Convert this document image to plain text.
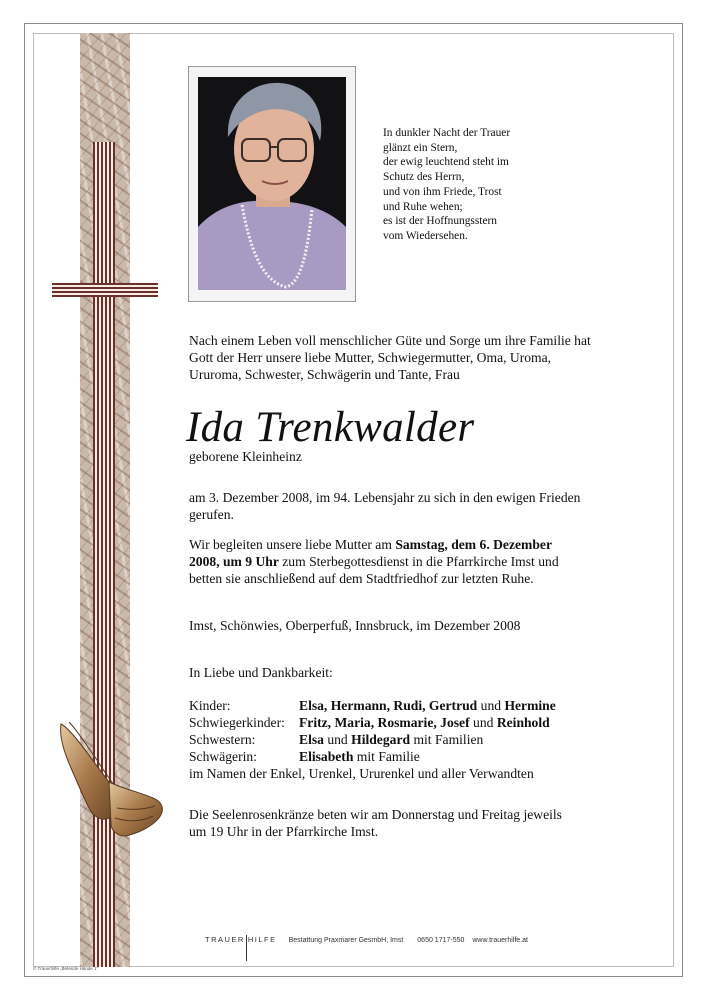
In dunkler Nacht der Trauer
glänzt ein Stern,
der ewig leuchtend steht im
Schutz des Herrn,
und von ihm Friede, Trost
und Ruhe wehen;
es ist der Hoffnungsstern
vom Wiedersehen.
Nach einem Leben voll menschlicher Güte und Sorge um ihre Familie hat
Gott der Herr unsere liebe Mutter, Schwiegermutter, Oma, Uroma,
Ururoma, Schwester, Schwägerin und Tante, Frau
Ida Trenkwalder
geborene Kleinheinz
am 3. Dezember 2008, im 94. Lebensjahr zu sich in den ewigen Frieden
gerufen.
Wir begleiten unsere liebe Mutter am Samstag, dem 6. Dezember
2008, um 9 Uhr zum Sterbegottesdienst in die Pfarrkirche Imst und
betten sie anschließend auf dem Stadtfriedhof zur letzten Ruhe.
Imst, Schönwies, Oberperfuß, Innsbruck, im Dezember 2008
In Liebe und Dankbarkeit:
Kinder:	Elsa, Hermann, Rudi, Gertrud und Hermine
Schwiegerkinder: Fritz, Maria, Rosmarie, Josef und Reinhold
Schwestern:	Elsa und Hildegard mit Familien
Schwägerin:	Elisabeth mit Familie
im Namen der Enkel, Urenkel, Ururenkel und aller Verwandten
Die Seelenrosenkränze beten wir am Donnerstag und Freitag jeweils
um 19 Uhr in der Pfarrkirche Imst.
TRAUER HILFE Bestattung Praxmarer GesmbH, Imst 0650 1717-550 www.trauerhilfe.at
© Trauerhilfe „Betende Hände 1“
